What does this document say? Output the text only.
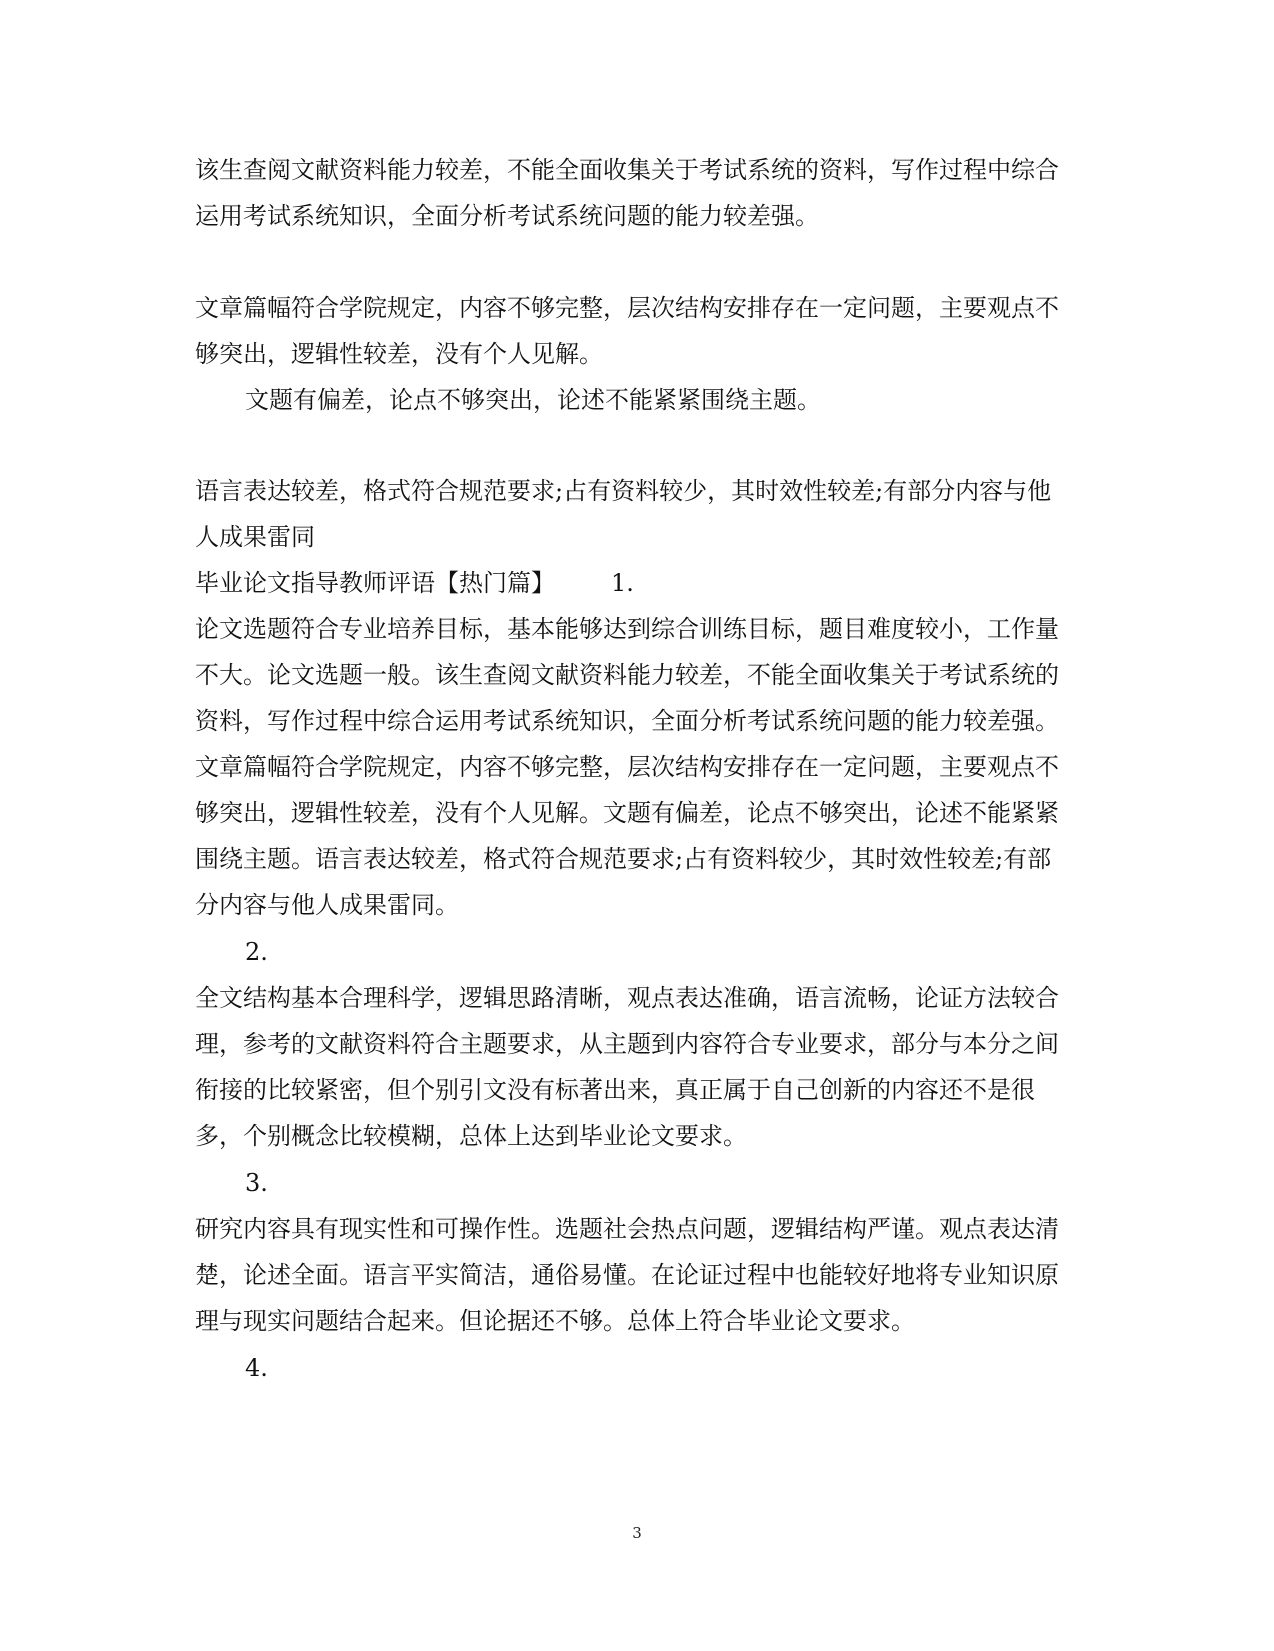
该生查阅文献资料能力较差，不能全面收集关于考试系统的资料，写作过程中综合运用考试系统知识，全面分析考试系统问题的能力较差强。

文章篇幅符合学院规定，内容不够完整，层次结构安排存在一定问题，主要观点不够突出，逻辑性较差，没有个人见解。

文题有偏差，论点不够突出，论述不能紧紧围绕主题。

语言表达较差，格式符合规范要求;占有资料较少，其时效性较差;有部分内容与他人成果雷同

毕业论文指导教师评语【热门篇】 1.

论文选题符合专业培养目标，基本能够达到综合训练目标，题目难度较小，工作量不大。论文选题一般。该生查阅文献资料能力较差，不能全面收集关于考试系统的资料，写作过程中综合运用考试系统知识，全面分析考试系统问题的能力较差强。文章篇幅符合学院规定，内容不够完整，层次结构安排存在一定问题，主要观点不够突出，逻辑性较差，没有个人见解。文题有偏差，论点不够突出，论述不能紧紧围绕主题。语言表达较差，格式符合规范要求;占有资料较少，其时效性较差;有部分内容与他人成果雷同。

2.

全文结构基本合理科学，逻辑思路清晰，观点表达准确，语言流畅，论证方法较合理，参考的文献资料符合主题要求，从主题到内容符合专业要求，部分与本分之间衔接的比较紧密，但个别引文没有标著出来，真正属于自己创新的内容还不是很多，个别概念比较模糊，总体上达到毕业论文要求。

3.

研究内容具有现实性和可操作性。选题社会热点问题，逻辑结构严谨。观点表达清楚，论述全面。语言平实简洁，通俗易懂。在论证过程中也能较好地将专业知识原理与现实问题结合起来。但论据还不够。总体上符合毕业论文要求。

4.

3
